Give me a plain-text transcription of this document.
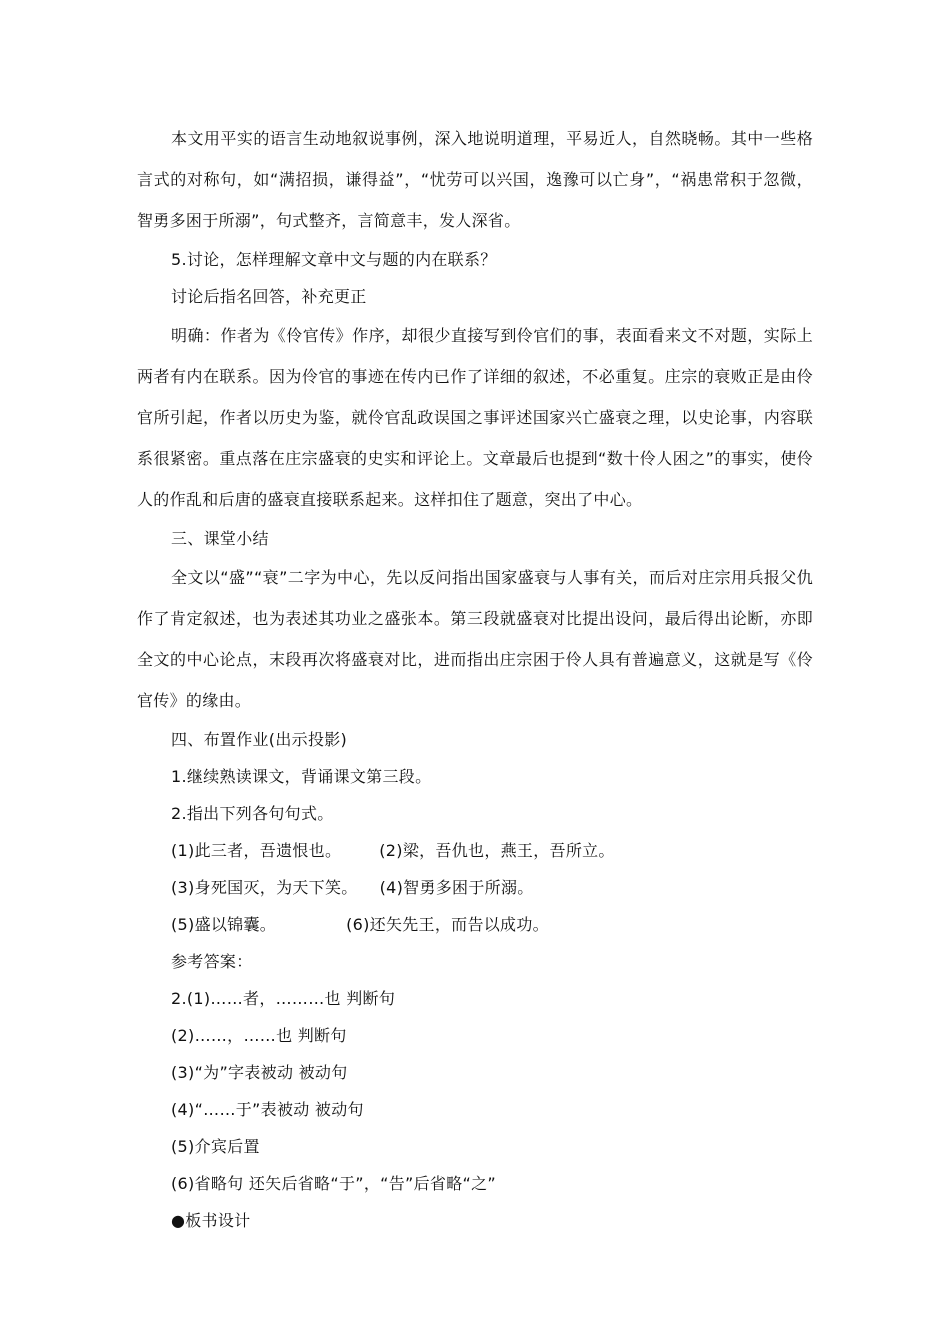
本文用平实的语言生动地叙说事例，深入地说明道理，平易近人，自然晓畅。其中一些格言式的对称句，如“满招损，谦得益”，“忧劳可以兴国，逸豫可以亡身”，“祸患常积于忽微，智勇多困于所溺”，句式整齐，言简意丰，发人深省。

5.讨论，怎样理解文章中文与题的内在联系？

讨论后指名回答，补充更正

明确：作者为《伶官传》作序，却很少直接写到伶官们的事，表面看来文不对题，实际上两者有内在联系。因为伶官的事迹在传内已作了详细的叙述，不必重复。庄宗的衰败正是由伶官所引起，作者以历史为鉴，就伶官乱政误国之事评述国家兴亡盛衰之理，以史论事，内容联系很紧密。重点落在庄宗盛衰的史实和评论上。文章最后也提到“数十伶人困之”的事实，使伶人的作乱和后唐的盛衰直接联系起来。这样扣住了题意，突出了中心。

三、课堂小结

全文以“盛”“衰”二字为中心，先以反问指出国家盛衰与人事有关，而后对庄宗用兵报父仇作了肯定叙述，也为表述其功业之盛张本。第三段就盛衰对比提出设问，最后得出论断，亦即全文的中心论点，末段再次将盛衰对比，进而指出庄宗困于伶人具有普遍意义，这就是写《伶官传》的缘由。

四、布置作业(出示投影)

1.继续熟读课文，背诵课文第三段。

2.指出下列各句句式。

(1)此三者，吾遗恨也。 (2)梁，吾仇也，燕王，吾所立。

(3)身死国灭，为天下笑。 (4)智勇多困于所溺。

(5)盛以锦囊。	(6)还矢先王，而告以成功。

参考答案：

2.(1)……者，………也 判断句

(2)……，……也 判断句

(3)“为”字表被动 被动句

(4)“……于”表被动 被动句

(5)介宾后置

(6)省略句 还矢后省略“于”，“告”后省略“之”

●板书设计
